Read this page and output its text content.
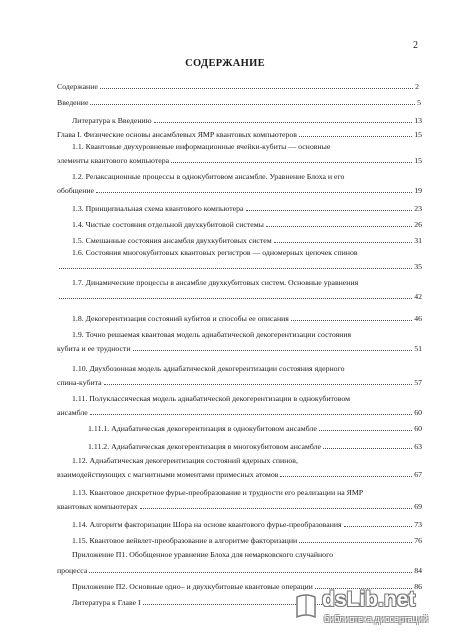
2
СОДЕРЖАНИЕ
Содержание	2
Введение	5
Литература к Введению	13
Глава I. Физические основы ансамблевых ЯМР квантовых компьютеров	15
1.1. Квантовые двухуровневые информационные ячейки-кубиты — основные
элементы квантового компьютера	15
1.2. Релаксационные процессы в однокубитовом ансамбле. Уравнение Блоха и его
обобщение	19
1.3. Принципиальная схема квантового компьютера	23
1.4. Чистые состояния отдельной двухкубитовой системы	26
1.5. Смешанные состояния ансамбля двухкубитовых систем	31
1.6. Состояния многокубитовых квантовых регистров — одномерных цепочек спинов
35
1.7. Динамические процессы в ансамбле двухкубитовых систем. Основные уравнения
42
1.8. Декогерентизация состояний кубитов и способы ее описания	46
1.9. Точно решаемая квантовая модель адиабатической декогерентизации состояния
кубита и ее трудности	51
1.10. Двухбозонная модель адиабатической декогерентизации состояния ядерного
спина-кубита	57
1.11. Полуклассическая модель адиабатической декогерентизации в однокубитовом
ансамбле	60
1.11.1. Адиабатическая декогерентизация в однокубитовом ансамбле	60
1.11.2. Адиабатическая декогерентизация в многокубитовом ансамбле	63
1.12. Адиабатическая декогерентизация состояний ядерных спинов,
взаимодействующих с магнитными моментами примесных атомов	67
1.13. Квантовое дискретное фурье-преобразование и трудности его реализации на ЯМР
квантовых компьютерах	69
1.14. Алгоритм факторизации Шора на основе квантового фурье-преобразования	73
1.15. Квантовое вейвлет-преобразование в алгоритме факторизации	76
Приложение П1. Обобщенное уравнение Блоха для немарковского случайного
процесса	84
Приложение П2. Основные одно– и двухкубитовые квантовые операции	86
Литература к Главе I	dsLib.net
библиотека диссертаций
